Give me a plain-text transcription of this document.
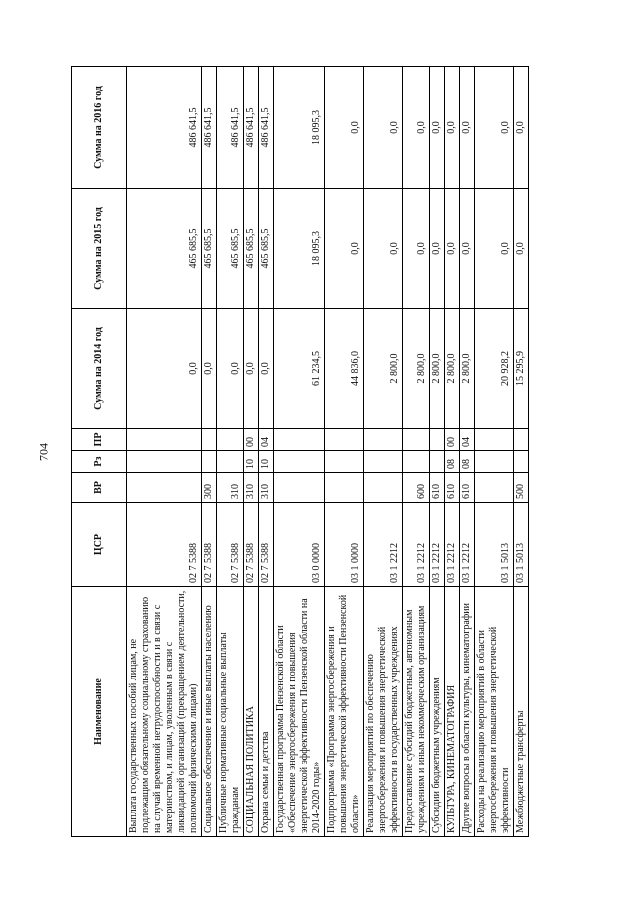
704
Наименование	ЦСР	ВР	Рз	ПР	Сумма на 2014 год	Сумма на 2015 год	Сумма на 2016 год
Выплата государственных пособий лицам, не подлежащим обязательному социальному страхованию на случай временной нетрудоспособности и в связи с материнством, и лицам, уволенным в связи с ликвидацией организаций (прекращением деятельности, полномочий физическими лицами)	02 7 5388				0,0	465 685,5	486 641,5
Социальное обеспечение и иные выплаты населению	02 7 5388	300			0,0	465 685,5	486 641,5
Публичные нормативные социальные выплаты гражданам	02 7 5388	310			0,0	465 685,5	486 641,5
СОЦИАЛЬНАЯ ПОЛИТИКА	02 7 5388	310	10	00	0,0	465 685,5	486 641,5
Охрана семьи и детства	02 7 5388	310	10	04	0,0	465 685,5	486 641,5
Государственная программа Пензенской области «Обеспечение энергосбережения и повышения энергетической эффективности Пензенской области на 2014-2020 годы»	03 0 0000				61 234,5	18 095,3	18 095,3
Подпрограмма «Программа энергосбережения и повышения энергетической эффективности Пензенской области»	03 1 0000				44 836,0	0,0	0,0
Реализация мероприятий по обеспечению энергосбережения и повышения энергетической эффективности в государственных учреждениях	03 1 2212				2 800,0	0,0	0,0
Предоставление субсидий бюджетным, автономным учреждениям и иным некоммерческим организациям	03 1 2212	600			2 800,0	0,0	0,0
Субсидии бюджетным учреждениям	03 1 2212	610			2 800,0	0,0	0,0
КУЛЬТУРА, КИНЕМАТОГРАФИЯ	03 1 2212	610	08	00	2 800,0	0,0	0,0
Другие вопросы в области культуры, кинематографии	03 1 2212	610	08	04	2 800,0	0,0	0,0
Расходы на реализацию мероприятий в области энергосбережения и повышения энергетической эффективности	03 1 5013				20 928,2	0,0	0,0
Межбюджетные трансферты	03 1 5013	500			15 295,9	0,0	0,0
